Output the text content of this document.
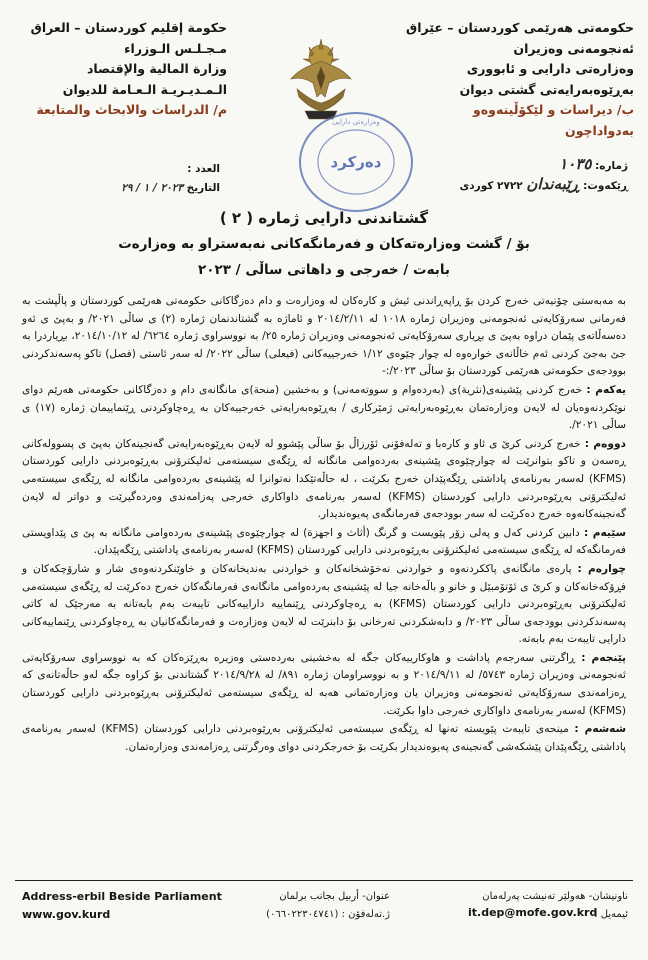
حکومەتی هەرێمی کوردستان – عێراق
ئەنجومەنی وەزیران
وەزارەتی دارایی و ئابووری
بەڕێوەبەرایەتی گشتی دیوان
ب/ دیراسات و لێکۆڵینەوەو بەدواداچون
حكومة إقليم كوردستان – العراق
مـجـلـس الـوزراء
وزارة المالية والإقتصاد
الـمـديـريـة الـعـامة للديوان
م/ الدراسات والابحاث والمتابعة
دەرکرد
وەزارەتی دارایی
ژمارە: ١٠٣٥
ڕێکەوت: ڕێبەندان ٢٧٢٢ کوردی
العدد :
التاريخ ٢٠٢٣ / ١ / ٢٩
گشتاندنی دارایی ژمارە ( ٢ )
بۆ / گشت وەزارەتەکان و فەرمانگەکانی نەبەستراو بە وەزارەت
بابەت / خەرجی و داهاتی ساڵی / ٢٠٢٣

بە مەبەستی چۆنیەتی خەرج کردن بۆ ڕاپەڕاندنی ئیش و کارەکان لە وەزارەت و دام دەزگاکانی حکومەتی هەرێمی کوردستان و پاڵپشت بە فەرمانی سەرۆکایەتی ئەنجومەنی وەزیران ژمارە ١٠١٨ لە ٢٠١٤/٢/١١ و ئاماژە بە گشتاندنمان ژمارە (٢) ی ساڵی ٢٠٢١/ و بەپێ ی ئەو دەسەڵاتەی پێمان دراوە بەپێ ی بڕیاری سەرۆکایەتی ئەنجومەنی وەزیران ژمارە ٢٥/ بە نووسراوی ژمارە ٦٢٦٤/ لە ٢٠١٤/١٠/١٢، بڕیاردرا بە جێ بەجێ کردنی ئەم خاڵانەی خوارەوە لە چوار چێوەی ١/١٢ خەرجییەکانی (فیعلی) ساڵی ٢٠٢٢/ لە سەر ئاستی (فصل) تاکو پەسەندکردنی بوودجەی حکومەتی هەرێمی کوردستان بۆ ساڵی ٢٠٢٣/:-

یەکەم : خەرج کردنی پێشینەی(نثرية)ی (بەردەوام و سووتەمەنی) و بەخشین (منحة)ی مانگانەی دام و دەزگاکانی حکومەتی هەرێم دوای نوێکردنەوەیان لە لایەن وەزارەتمان بەڕێوەبەرایەتی ژمێرکاری / بەڕێوەبەرایەتی خەرجییەکان بە ڕەچاوکردنی ڕێنماییمان ژمارە (١٧) ی ساڵی ٢٠٢١/.

دووەم : خەرج کردنی کرێ ی ئاو و کارەبا و تەلەفۆنی ئۆرزاڵ بۆ ساڵی پێشوو لە لایەن بەڕێوەبەرایەتی گەنجینەکان بەپێ ی پسوولەکانی ڕەسەن و تاکو بتوانرێت لە چوارچێوەی پێشینەی بەردەوامی مانگانە لە ڕێگەی سیستەمی ئەلیکترۆنی بەڕێوەبردنی دارایی کوردستان (KFMS) لەسەر بەرنامەی پاداشتی ڕێگەپێدان خەرج بکرێت ، لە حاڵەتێکدا نەتوانرا لە پێشینەی بەردەوامی مانگانە لە ڕێگەی سیستەمی ئەلیکترۆنی بەڕێوەبردنی دارایی کوردستان (KFMS) لەسەر بەرنامەی داواکاری خەرجی پەزامەندی وەردەگیرێت و دواتر لە لایەن گەنجینەکانەوە خەرج دەکرێت لە سەر بوودجەی فەرمانگەی پەیوەندیدار.

سێیەم : دابین کردنی کەل و پەلی زۆر پێویست و گرنگ (أثاث و اجهزة) لە چوارچێوەی پێشینەی بەردەوامی مانگانە بە پێ ی پێداویستی فەرمانگەکە لە ڕێگەی سیستەمی ئەلیکترۆنی بەڕێوەبردنی دارایی کوردستان (KFMS) لەسەر بەرنامەی پاداشتی ڕێگەپێدان.

چوارەم : پارەی مانگانەی پاککردنەوە و خواردنی نەخۆشخانەکان و خواردنی بەندیخانەکان و خاوێنکردنەوەی شار و شارۆچکەکان و فڕۆکەخانەکان و کرێ ی ئۆتۆمبێل و خانو و باڵەخانە جیا لە پێشینەی بەردەوامی مانگانەی فەرمانگەکان خەرج دەکرێت لە ڕێگەی سیستەمی ئەلیکترۆنی بەڕێوەبردنی دارایی کوردستان (KFMS) بە ڕەچاوکردنی ڕێنماییە داراییەکانی تایبەت بەم بابەتانە بە مەرجێک لە کاتی پەسەندکردنی بوودجەی ساڵی ٢٠٢٣/ و دابەشکردنی تەرخانی بۆ دابنرێت لە لایەن وەزارەت و فەرمانگەکانیان بە ڕەچاوکردنی ڕێنماییەکانی دارایی تایبەت بەم بابەتە.

پێنجەم : ڕاگرتنی سەرجەم پاداشت و هاوکارییەکان جگە لە بەخشینی بەردەستی وەزیرە بەڕێزەکان کە بە نووسراوی سەرۆکایەتی ئەنجومەنی وەزیران ژمارە ٥٧٤٣/ لە ٢٠١٤/٩/١١ و بە نووسراومان ژمارە ٨٩١/ لە ٢٠١٤/٩/٢٨ گشتاندنی بۆ کراوە جگە لەو حاڵەتانەی کە ڕەزامەندی سەرۆکایەتی ئەنجومەنی وەزیران یان وەزارەتمانی هەبە لە ڕێگەی سیستەمی ئەلیکترۆنی بەڕێوەبردنی دارایی کوردستان (KFMS) لەسەر بەرنامەی داواکاری خەرجی داوا بکرێت.

شەشەم : مینحەی تایبەت پێویستە تەنها لە ڕێگەی سیستەمی ئەلیکترۆنی بەڕێوەبردنی دارایی کوردستان (KFMS) لەسەر بەرنامەی پاداشتی ڕێگەپێدان پێشکەشی گەنجینەی پەیوەندیدار بکرێت بۆ خەرجکردنی دوای وەرگرتنی ڕەزامەندی وەزارەتمان.

Address-erbil Beside Parliament
www.gov.kurd
عنوان- أربيل بجانب برلمان
ژ.تەلەفۆن : (٠٦٦٠٢٢٣٠٤٧٤١)
ناونیشان- هەولێر تەنیشت پەرلەمان
ئیمەیل :
it.dep@mofe.gov.krd
